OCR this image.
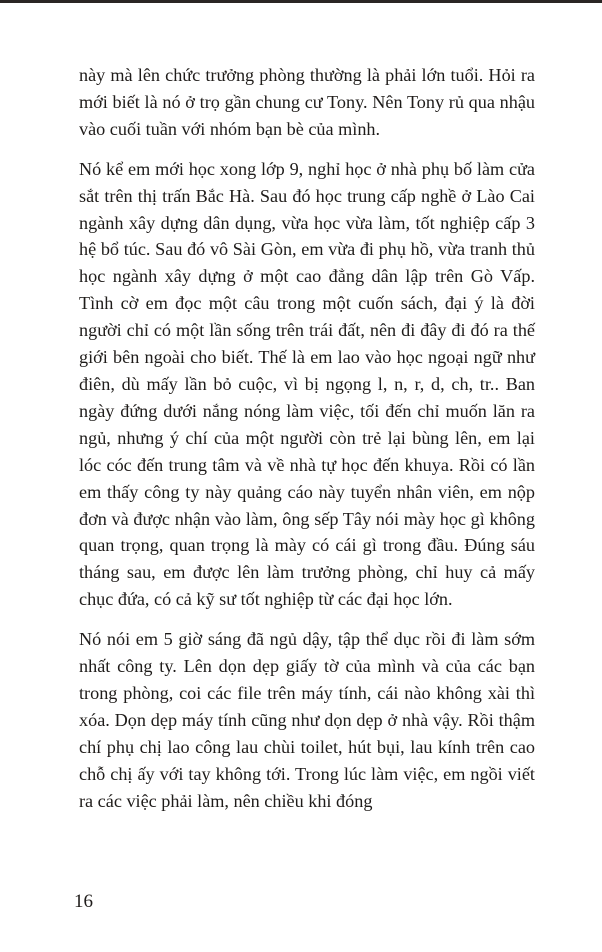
này mà lên chức trưởng phòng thường là phải lớn tuổi. Hỏi ra mới biết là nó ở trọ gần chung cư Tony. Nên Tony rủ qua nhậu vào cuối tuần với nhóm bạn bè của mình.

Nó kể em mới học xong lớp 9, nghỉ học ở nhà phụ bố làm cửa sắt trên thị trấn Bắc Hà. Sau đó học trung cấp nghề ở Lào Cai ngành xây dựng dân dụng, vừa học vừa làm, tốt nghiệp cấp 3 hệ bổ túc. Sau đó vô Sài Gòn, em vừa đi phụ hồ, vừa tranh thủ học ngành xây dựng ở một cao đẳng dân lập trên Gò Vấp. Tình cờ em đọc một câu trong một cuốn sách, đại ý là đời người chỉ có một lần sống trên trái đất, nên đi đây đi đó ra thế giới bên ngoài cho biết. Thế là em lao vào học ngoại ngữ như điên, dù mấy lần bỏ cuộc, vì bị ngọng l, n, r, d, ch, tr.. Ban ngày đứng dưới nắng nóng làm việc, tối đến chỉ muốn lăn ra ngủ, nhưng ý chí của một người còn trẻ lại bùng lên, em lại lóc cóc đến trung tâm và về nhà tự học đến khuya. Rồi có lần em thấy công ty này quảng cáo này tuyển nhân viên, em nộp đơn và được nhận vào làm, ông sếp Tây nói mày học gì không quan trọng, quan trọng là mày có cái gì trong đầu. Đúng sáu tháng sau, em được lên làm trưởng phòng, chỉ huy cả mấy chục đứa, có cả kỹ sư tốt nghiệp từ các đại học lớn.

Nó nói em 5 giờ sáng đã ngủ dậy, tập thể dục rồi đi làm sớm nhất công ty. Lên dọn dẹp giấy tờ của mình và của các bạn trong phòng, coi các file trên máy tính, cái nào không xài thì xóa. Dọn dẹp máy tính cũng như dọn dẹp ở nhà vậy. Rồi thậm chí phụ chị lao công lau chùi toilet, hút bụi, lau kính trên cao chỗ chị ấy với tay không tới. Trong lúc làm việc, em ngồi viết ra các việc phải làm, nên chiều khi đóng

16
